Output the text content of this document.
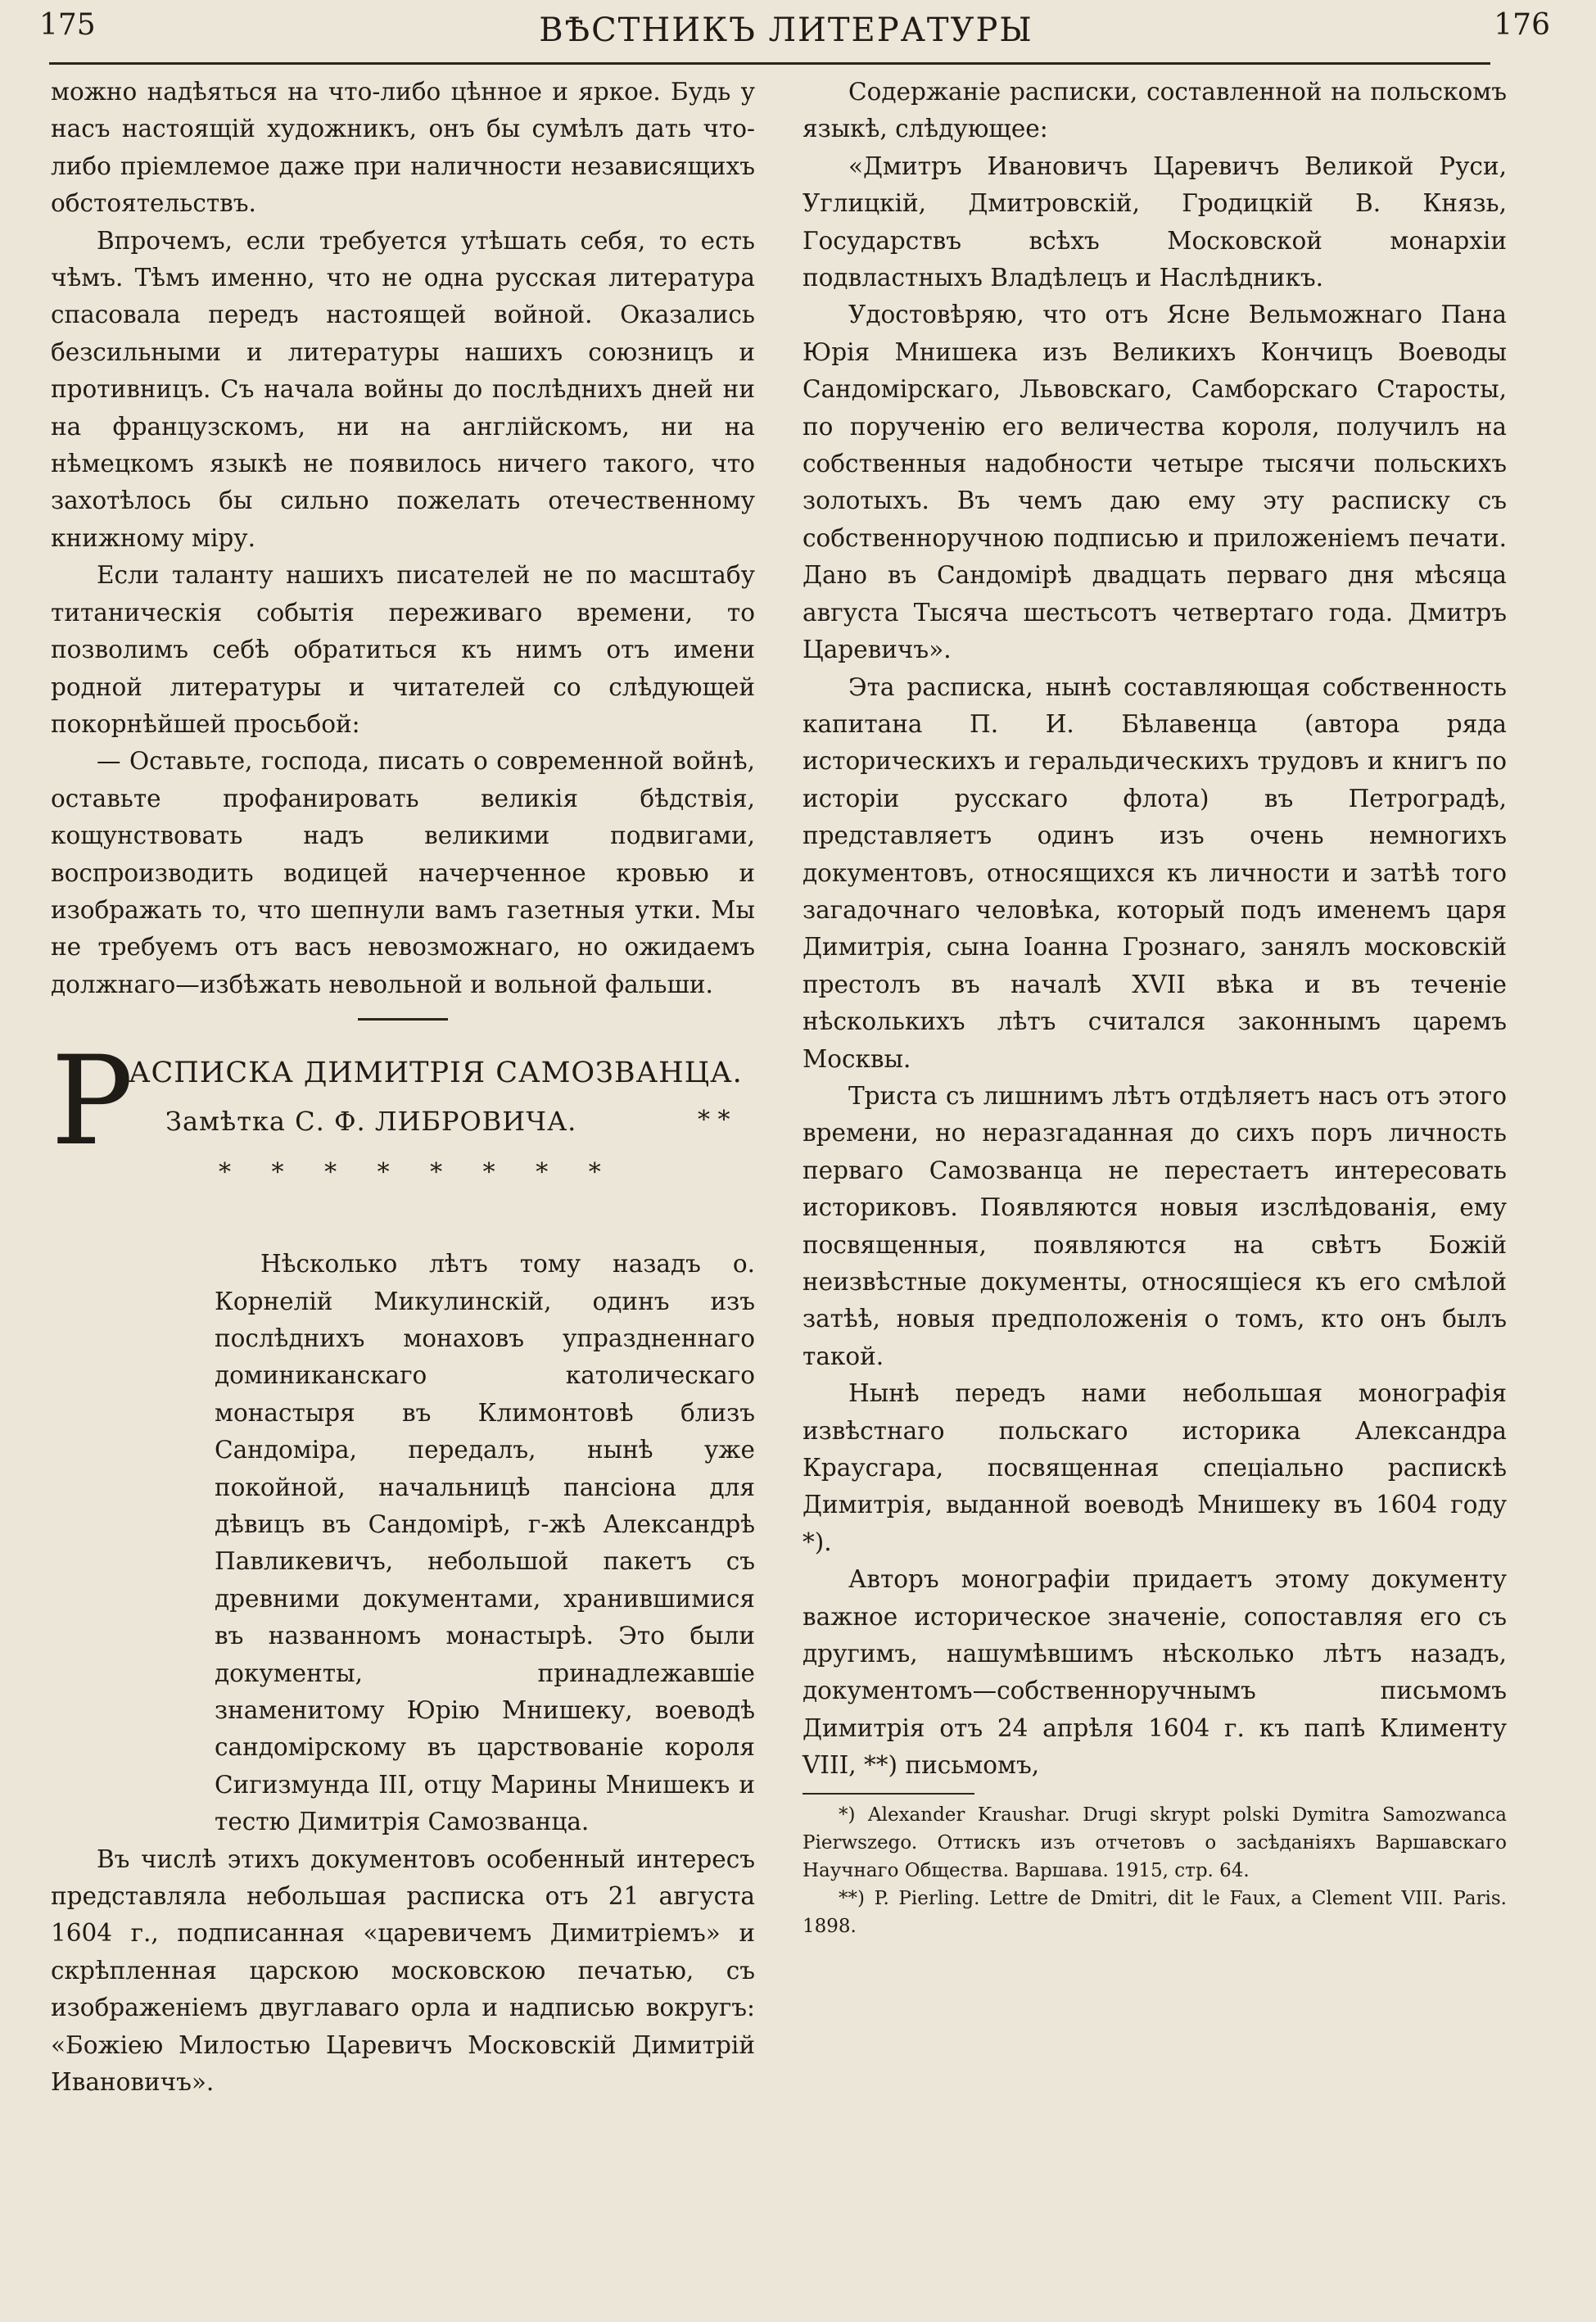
175	ВѢСТНИКЪ ЛИТЕРАТУРЫ	176

можно надѣяться на что-либо цѣнное и яркое. Будь у насъ настоящій художникъ, онъ бы сумѣлъ дать что-либо пріемлемое даже при наличности независящихъ обстоятельствъ.

Впрочемъ, если требуется утѣшать себя, то есть чѣмъ. Тѣмъ именно, что не одна русская литература спасовала передъ настоящей войной. Оказались безсильными и литературы нашихъ союзницъ и противницъ. Съ начала войны до послѣднихъ дней ни на французскомъ, ни на англійскомъ, ни на нѣмецкомъ языкѣ не появилось ничего такого, что захотѣлось бы сильно пожелать отечественному книжному міру.

Если таланту нашихъ писателей не по масштабу титаническія событія переживаго времени, то позволимъ себѣ обратиться къ нимъ отъ имени родной литературы и читателей со слѣдующей покорнѣйшей просьбой:

— Оставьте, господа, писать о современной войнѣ, оставьте профанировать великія бѣдствія, кощунствовать надъ великими подвигами, воспроизводить водицей начерченное кровью и изображать то, что шепнули вамъ газетныя утки. Мы не требуемъ отъ васъ невозможнаго, но ожидаемъ должнаго—избѣжать невольной и вольной фальши.

Р
АСПИСКА ДИМИТРІЯ САМОЗВАНЦА.
Замѣтка С. Ф. ЛИБРОВИЧА.	* *
* * * * * * * *

Нѣсколько лѣтъ тому назадъ о. Корнелій Микулинскій, одинъ изъ послѣднихъ монаховъ упраздненнаго доминиканскаго католическаго монастыря въ Климонтовѣ близъ Сандоміра, передалъ, нынѣ уже покойной, начальницѣ пансіона для дѣвицъ въ Сандомірѣ, г-жѣ Александрѣ Павликевичъ, небольшой пакетъ съ древними документами, хранившимися въ названномъ монастырѣ. Это были документы, принадлежавшіе знаменитому Юрію Мнишеку, воеводѣ сандомірскому въ царствованіе короля Сигизмунда III, отцу Марины Мнишекъ и тестю Димитрія Самозванца.

Въ числѣ этихъ документовъ особенный интересъ представляла небольшая расписка отъ 21 августа 1604 г., подписанная «царевичемъ Димитріемъ» и скрѣпленная царскою московскою печатью, съ изображеніемъ двуглаваго орла и надписью вокругъ: «Божіею Милостью Царевичъ Московскій Димитрій Ивановичъ».

Содержаніе расписки, составленной на польскомъ языкѣ, слѣдующее:

«Дмитръ Ивановичъ Царевичъ Великой Руси, Углицкій, Дмитровскій, Гродицкій В. Князь, Государствъ всѣхъ Московской монархіи подвластныхъ Владѣлецъ и Наслѣдникъ.

Удостовѣряю, что отъ Ясне Вельможнаго Пана Юрія Мнишека изъ Великихъ Кончицъ Воеводы Сандомірскаго, Львовскаго, Самборскаго Старосты, по порученію его величества короля, получилъ на собственныя надобности четыре тысячи польскихъ золотыхъ. Въ чемъ даю ему эту расписку съ собственноручною подписью и приложеніемъ печати. Дано въ Сандомірѣ двадцать перваго дня мѣсяца августа Тысяча шестьсотъ четвертаго года. Дмитръ Царевичъ».

Эта расписка, нынѣ составляющая собственность капитана П. И. Бѣлавенца (автора ряда историческихъ и геральдическихъ трудовъ и книгъ по исторіи русскаго флота) въ Петроградѣ, представляетъ одинъ изъ очень немногихъ документовъ, относящихся къ личности и затѣѣ того загадочнаго человѣка, который подъ именемъ царя Димитрія, сына Іоанна Грознаго, занялъ московскій престолъ въ началѣ XVII вѣка и въ теченіе нѣсколькихъ лѣтъ считался законнымъ царемъ Москвы.

Триста съ лишнимъ лѣтъ отдѣляетъ насъ отъ этого времени, но неразгаданная до сихъ поръ личность перваго Самозванца не перестаетъ интересовать историковъ. Появляются новыя изслѣдованія, ему посвященныя, появляются на свѣтъ Божій неизвѣстные документы, относящіеся къ его смѣлой затѣѣ, новыя предположенія о томъ, кто онъ былъ такой.

Нынѣ передъ нами небольшая монографія извѣстнаго польскаго историка Александра Краусгара, посвященная спеціально распискѣ Димитрія, выданной воеводѣ Мнишеку въ 1604 году *).

Авторъ монографіи придаетъ этому документу важное историческое значеніе, сопоставляя его съ другимъ, нашумѣвшимъ нѣсколько лѣтъ назадъ, документомъ—собственноручнымъ письмомъ Димитрія отъ 24 апрѣля 1604 г. къ папѣ Клименту VIII, **) письмомъ,

*) Alexander Kraushar. Drugi skrypt polski Dymitra Samozwanca Pierwszego. Оттискъ изъ отчетовъ о засѣданіяхъ Варшавскаго Научнаго Общества. Варшава. 1915, стр. 64.

**) P. Pierling. Lettre de Dmitri, dit le Faux, a Clement VIII. Paris. 1898.
